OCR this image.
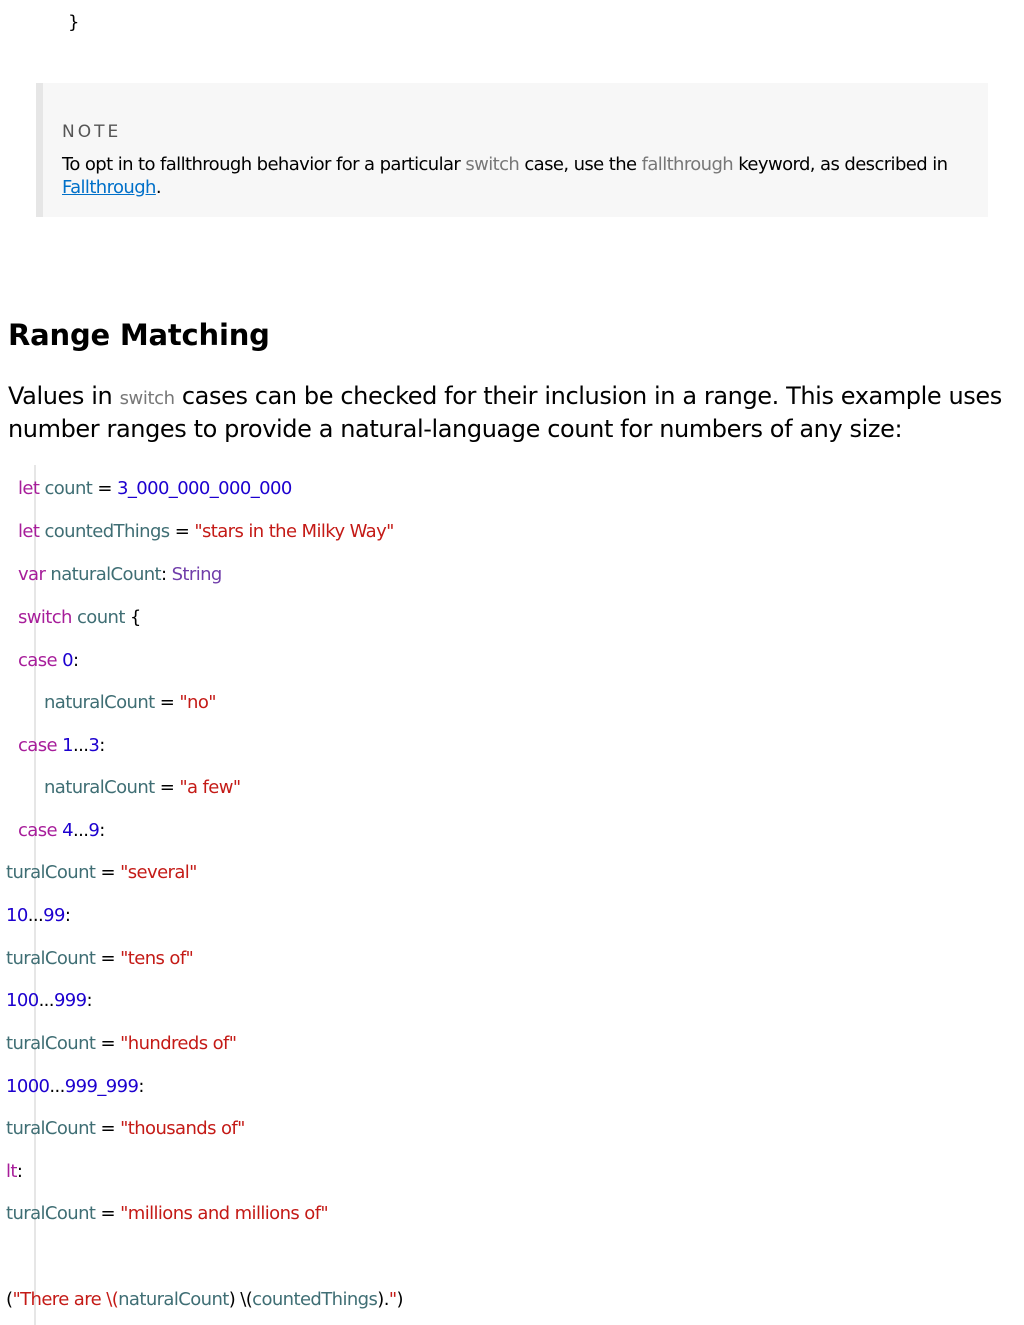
}
NOTE
To opt in to fallthrough behavior for a particular switch case, use the fallthrough keyword, as described in
Fallthrough.
Range Matching

Values in switch cases can be checked for their inclusion in a range. This example uses number ranges to provide a natural-language count for numbers of any size:

let count = 3_000_000_000_000
let countedThings = "stars in the Milky Way"
var naturalCount: String
switch count {
case 0:
naturalCount = "no"
case 1...3:
naturalCount = "a few"
case 4...9:
turalCount = "several"
10...99:
turalCount = "tens of"
100...999:
turalCount = "hundreds of"
1000...999_999:
turalCount = "thousands of"
lt:
turalCount = "millions and millions of"
("There are \(naturalCount) \(countedThings).")
